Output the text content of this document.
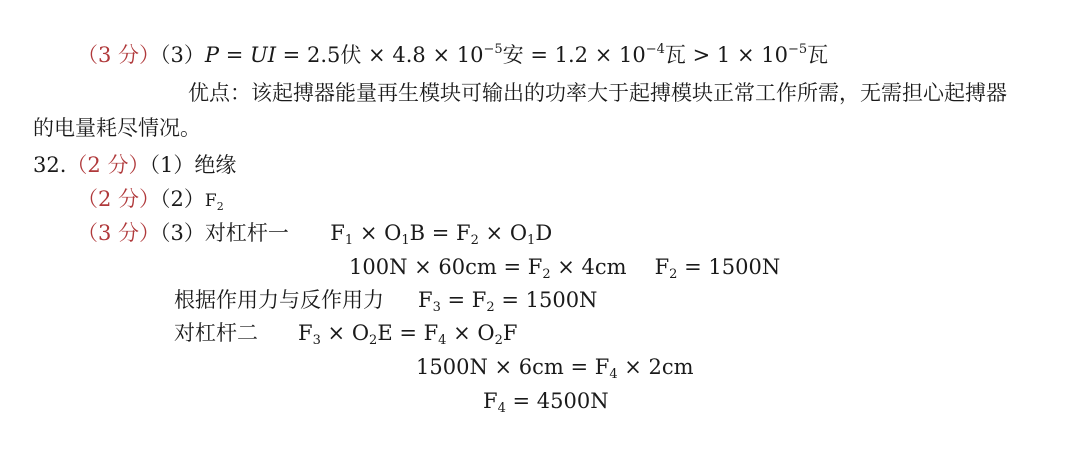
（3 分）（3）P = UI = 2.5伏 × $4.8 \times 10^{-5}$安 = $1.2 \times 10^{-4}$瓦 > $1 \times 10^{-5}$瓦
优点：该起搏器能量再生模块可输出的功率大于起搏模块正常工作所需，无需担心起搏器
的电量耗尽情况。
32.（2 分）（1）绝缘
（2 分）$(2)F_2$
（3 分）（3）对杠杆一 $F_1 \times O_1B = F_2 \times O_1D$
$100N \times 60cm = F_2 \times 4cm$ $F_2 = 1500N$
根据作用力与反作用力 $F_3 = F_2 = 1500N$
对杠杆二 $F_3 \times O_2E = F_4 \times O_2F$
$1500N \times 6cm = F_4 \times 2cm$
$F_4 = 4500N$
